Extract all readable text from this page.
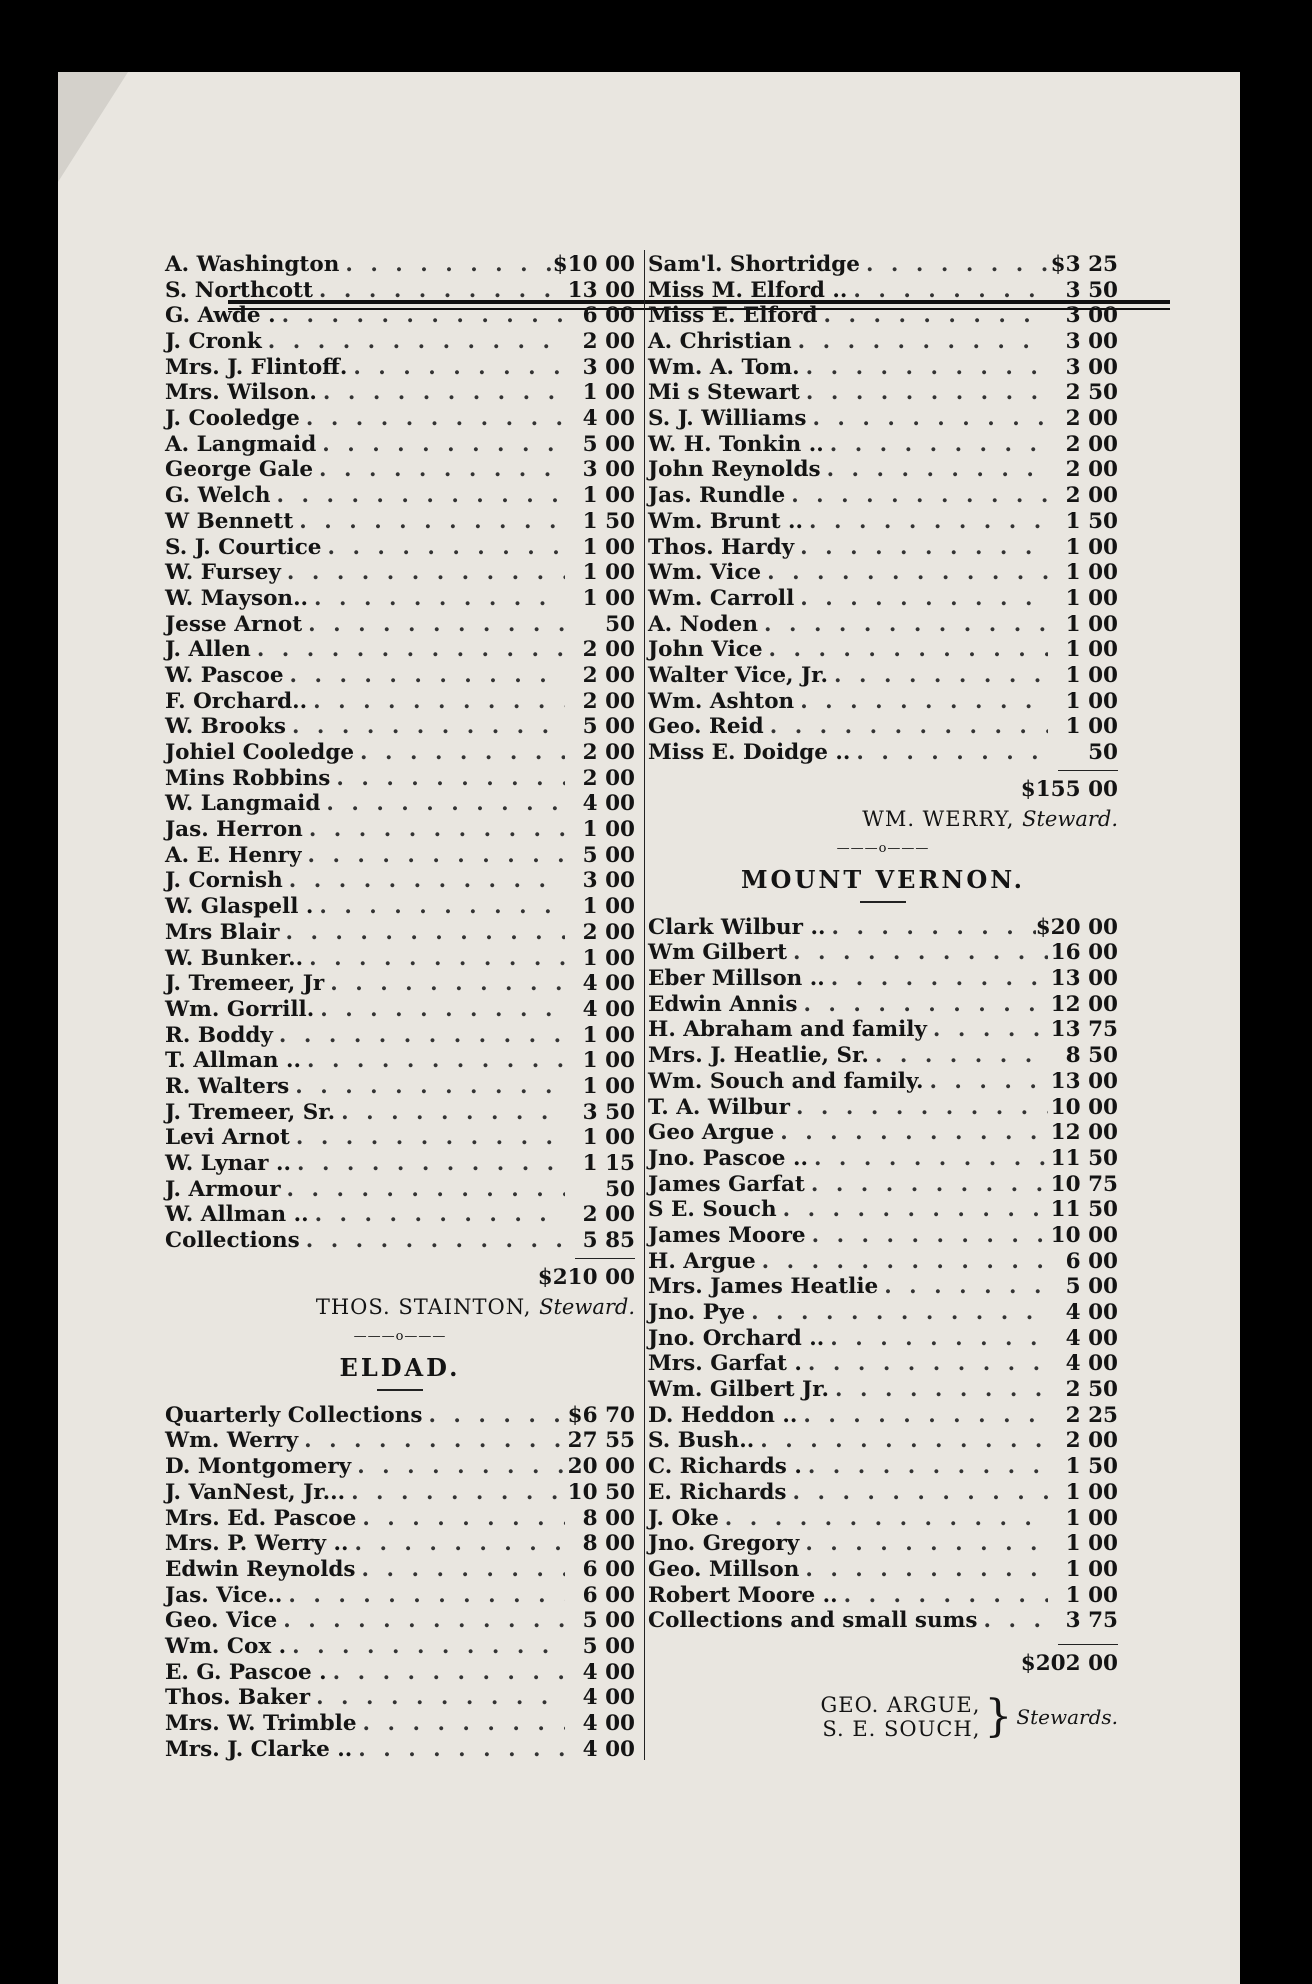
A. Washington . . .	$10 00
S. Northcott . . .	13 00
G. Awde . . . .	6 00
J. Cronk . . .	2 00
Mrs. J. Flintoff. . . .	3 00
Mrs. Wilson. . . .	1 00
J. Cooledge . . .	4 00
A. Langmaid . . .	5 00
George Gale . . .	3 00
G. Welch . . .	1 00
W Bennett . . .	1 50
S. J. Courtice . . .	1 00
W. Fursey . . .	1 00
W. Mayson.. . . .	1 00
Jesse Arnot . . .	50
J. Allen . . .	2 00
W. Pascoe . . .	2 00
F. Orchard.. . . .	2 00
W. Brooks . . .	5 00
Johiel Cooledge . . .	2 00
Mins Robbins . . .	2 00
W. Langmaid . . .	4 00
Jas. Herron . . .	1 00
A. E. Henry . . .	5 00
J. Cornish . . .	3 00
W. Glaspell . . . .	1 00
Mrs Blair . . .	2 00
W. Bunker.. . . .	1 00
J. Tremeer, Jr . . .	4 00
Wm. Gorrill. . . .	4 00
R. Boddy . . .	1 00
T. Allman .. . . .	1 00
R. Walters . . .	1 00
J. Tremeer, Sr. . . .	3 50
Levi Arnot . . .	1 00
W. Lynar .. . . .	1 15
J. Armour . . .	50
W. Allman .. . . .	2 00
Collections . . .	5 85
$210 00
THOS. STAINTON, Steward.
———o———
ELDAD.
Quarterly Collections . . .	$6 70
Wm. Werry . . .	27 55
D. Montgomery . . .	20 00
J. VanNest, Jr... . . .	10 50
Mrs. Ed. Pascoe . . .	8 00
Mrs. P. Werry .. . . .	8 00
Edwin Reynolds . . .	6 00
Jas. Vice.. . . .	6 00
Geo. Vice . . .	5 00
Wm. Cox . . . .	5 00
E. G. Pascoe . . . .	4 00
Thos. Baker . . .	4 00
Mrs. W. Trimble . . .	4 00
Mrs. J. Clarke .. . . .	4 00
Sam'l. Shortridge . . .	$3 25
Miss M. Elford .. . . .	3 50
Miss E. Elford . . .	3 00
A. Christian . . .	3 00
Wm. A. Tom. . . .	3 00
Mi s Stewart . . .	2 50
S. J. Williams . . .	2 00
W. H. Tonkin .. . . .	2 00
John Reynolds . . .	2 00
Jas. Rundle . . .	2 00
Wm. Brunt .. . . .	1 50
Thos. Hardy . . .	1 00
Wm. Vice . . .	1 00
Wm. Carroll . . .	1 00
A. Noden . . .	1 00
John Vice . . .	1 00
Walter Vice, Jr. . . .	1 00
Wm. Ashton . . .	1 00
Geo. Reid . . .	1 00
Miss E. Doidge .. . . .	50
$155 00
WM. WERRY, Steward.
———o———
MOUNT VERNON.
Clark Wilbur .. . . .	$20 00
Wm Gilbert . . .	16 00
Eber Millson .. . . .	13 00
Edwin Annis . . .	12 00
H. Abraham and family . . .	13 75
Mrs. J. Heatlie, Sr. . . .	8 50
Wm. Souch and family. . . .	13 00
T. A. Wilbur . . .	10 00
Geo Argue . . .	12 00
Jno. Pascoe .. . . .	11 50
James Garfat . . .	10 75
S E. Souch . . .	11 50
James Moore . . .	10 00
H. Argue . . .	6 00
Mrs. James Heatlie . . .	5 00
Jno. Pye . . .	4 00
Jno. Orchard .. . . .	4 00
Mrs. Garfat . . . .	4 00
Wm. Gilbert Jr. . . .	2 50
D. Heddon .. . . .	2 25
S. Bush.. . . .	2 00
C. Richards . . . .	1 50
E. Richards . . .	1 00
J. Oke . . .	1 00
Jno. Gregory . . .	1 00
Geo. Millson . . .	1 00
Robert Moore .. . . .	1 00
Collections and small sums . . .	3 75
$202 00
GEO. ARGUE,
S. E. SOUCH, } Stewards.
